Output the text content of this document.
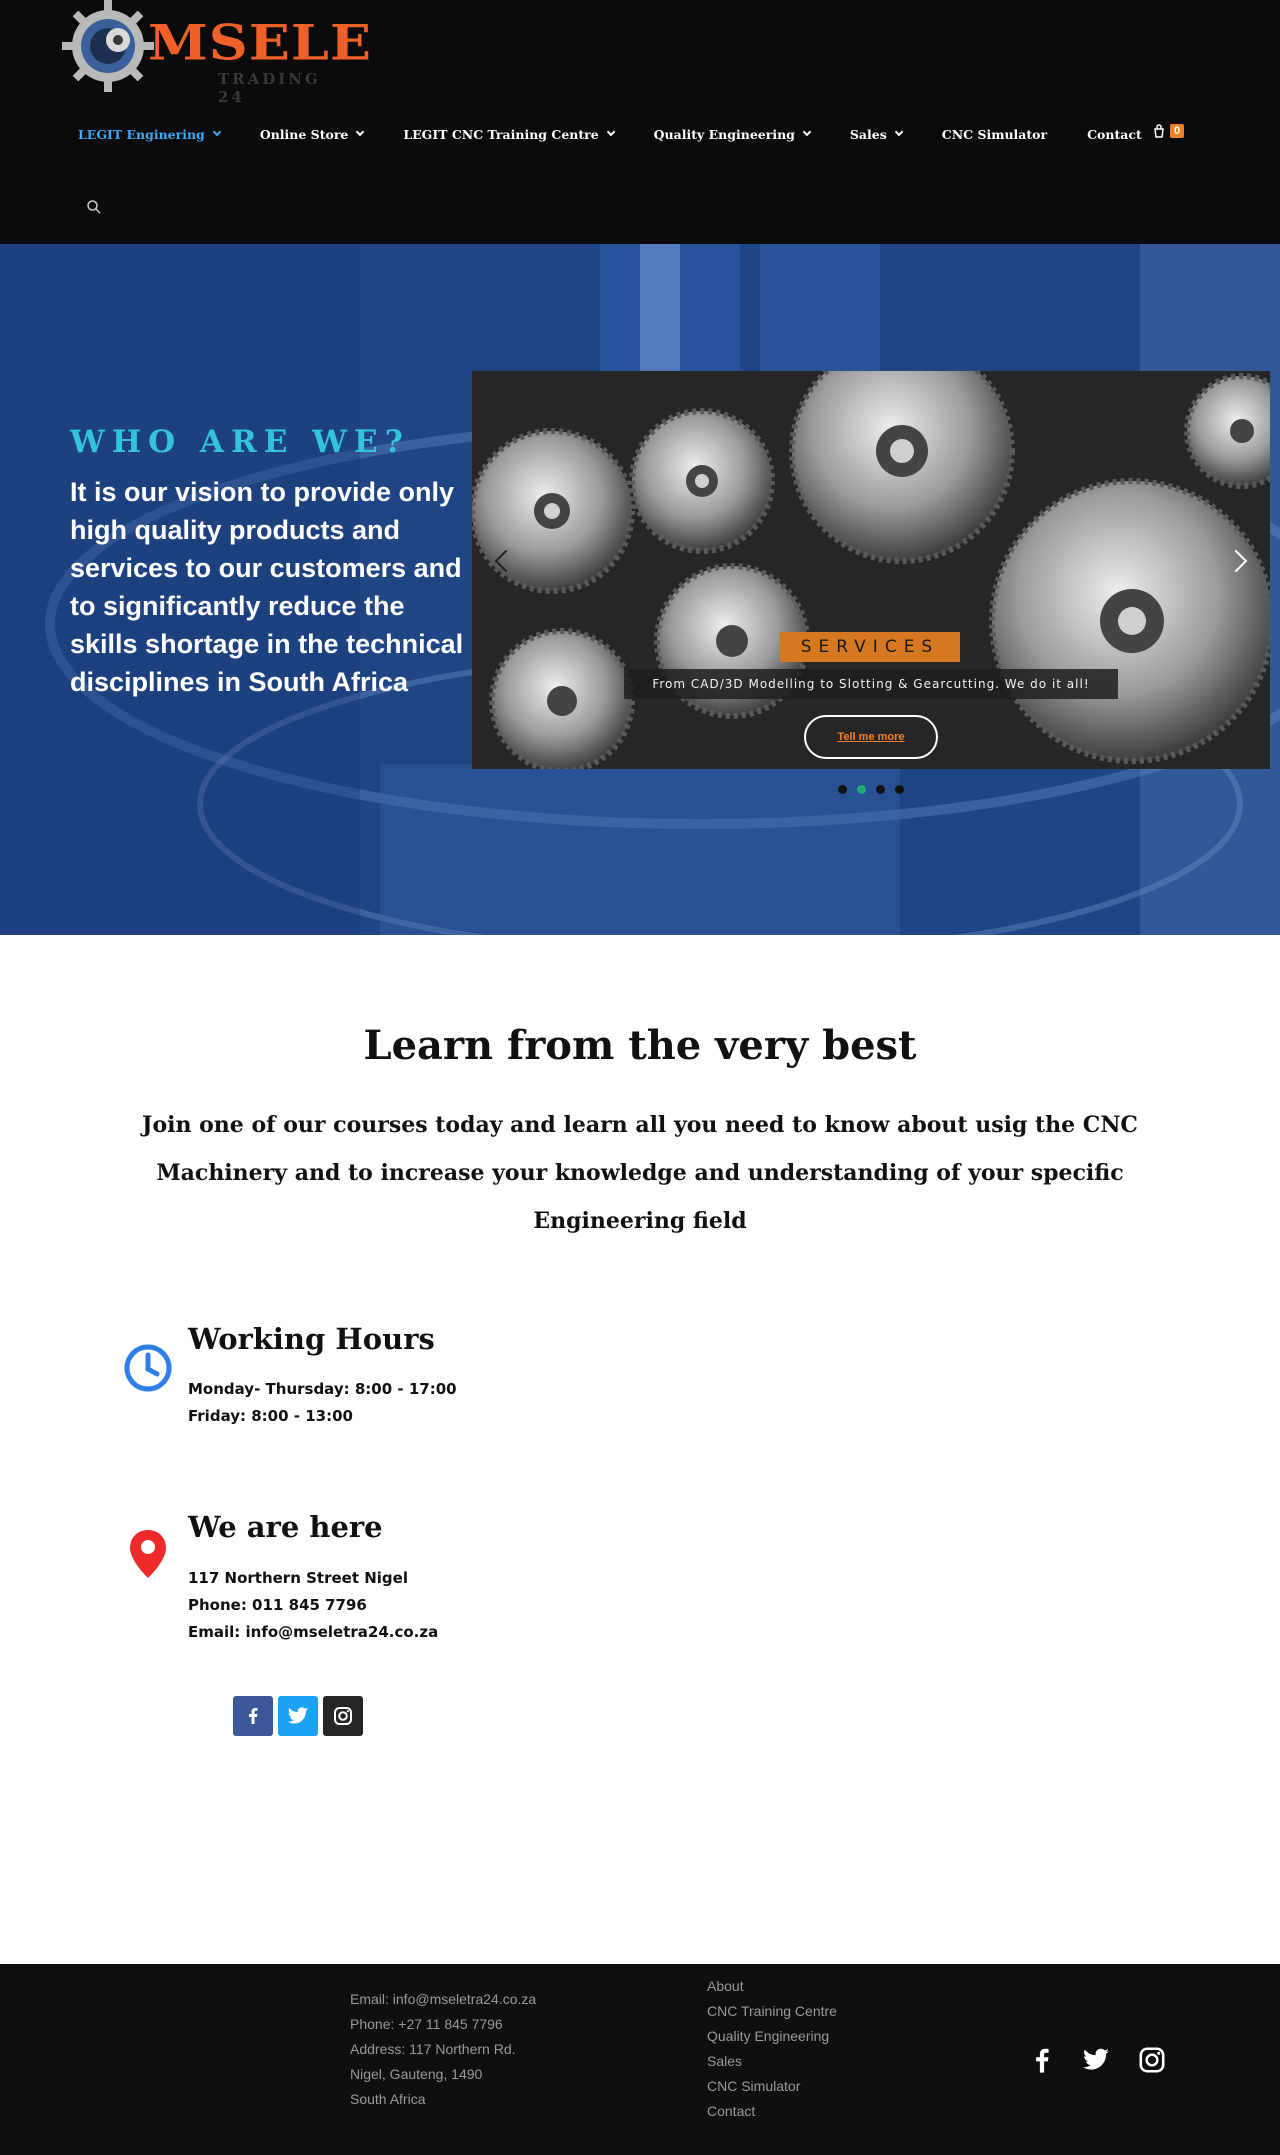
MSELE
TRADING 24
LEGIT Enginering	Online Store	LEGIT CNC Training Centre	Quality Engineering	Sales	CNC Simulator	Contact	0
WHO ARE WE?

It is our vision to provide only high quality products and services to our customers and to significantly reduce the skills shortage in the technical disciplines in South Africa

SERVICES
From CAD/3D Modelling to Slotting & Gearcutting. We do it all!
Tell me more
Learn from the very best

Join one of our courses today and learn all you need to know about usig the CNC Machinery and to increase your knowledge and understanding of your specific Engineering field

Working Hours
Monday- Thursday: 8:00 - 17:00
Friday: 8:00 - 13:00
We are here
117 Northern Street Nigel
Phone: 011 845 7796
Email: info@mseletra24.co.za
Email: info@mseletra24.co.za
Phone: +27 11 845 7796
Address: 117 Northern Rd.
Nigel, Gauteng, 1490
South Africa
About
CNC Training Centre
Quality Engineering
Sales
CNC Simulator
Contact
